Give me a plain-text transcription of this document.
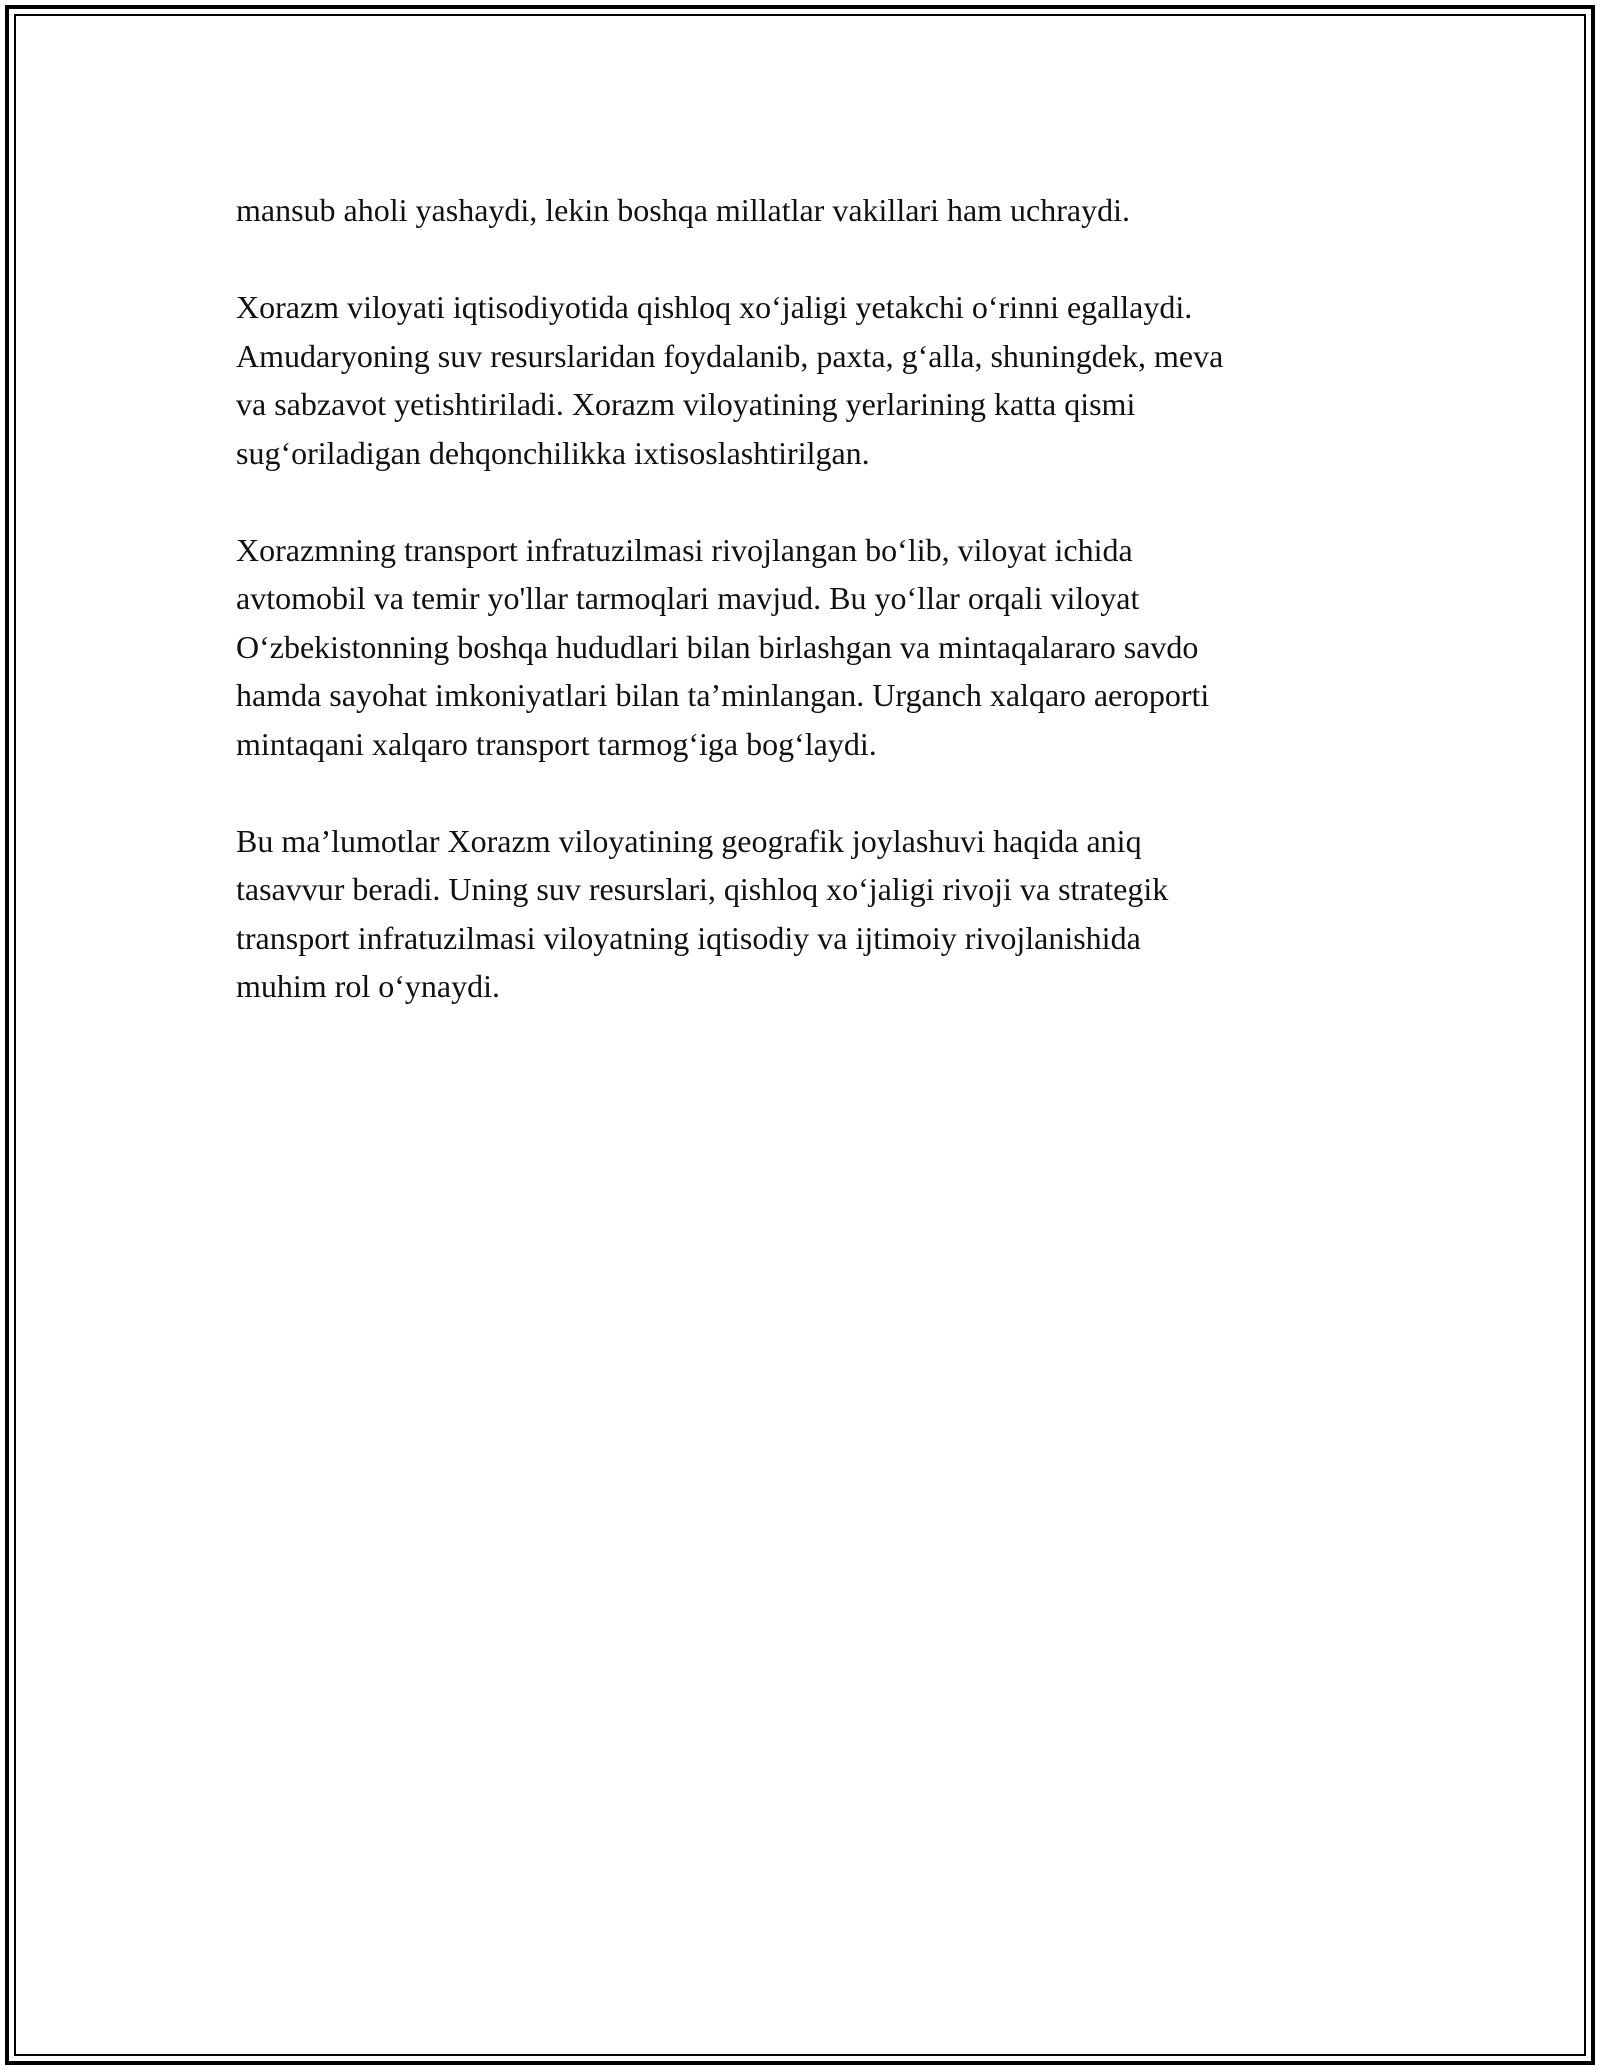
mansub aholi yashaydi, lekin boshqa millatlar vakillari ham uchraydi.

Xorazm viloyati iqtisodiyotida qishloq xo‘jaligi yetakchi o‘rinni egallaydi.
Amudaryoning suv resurslaridan foydalanib, paxta, g‘alla, shuningdek, meva
va sabzavot yetishtiriladi. Xorazm viloyatining yerlarining katta qismi
sug‘oriladigan dehqonchilikka ixtisoslashtirilgan.

Xorazmning transport infratuzilmasi rivojlangan bo‘lib, viloyat ichida
avtomobil va temir yo'llar tarmoqlari mavjud. Bu yo‘llar orqali viloyat
O‘zbekistonning boshqa hududlari bilan birlashgan va mintaqalararo savdo
hamda sayohat imkoniyatlari bilan ta’minlangan. Urganch xalqaro aeroporti
mintaqani xalqaro transport tarmog‘iga bog‘laydi.

Bu ma’lumotlar Xorazm viloyatining geografik joylashuvi haqida aniq
tasavvur beradi. Uning suv resurslari, qishloq xo‘jaligi rivoji va strategik
transport infratuzilmasi viloyatning iqtisodiy va ijtimoiy rivojlanishida
muhim rol o‘ynaydi.
